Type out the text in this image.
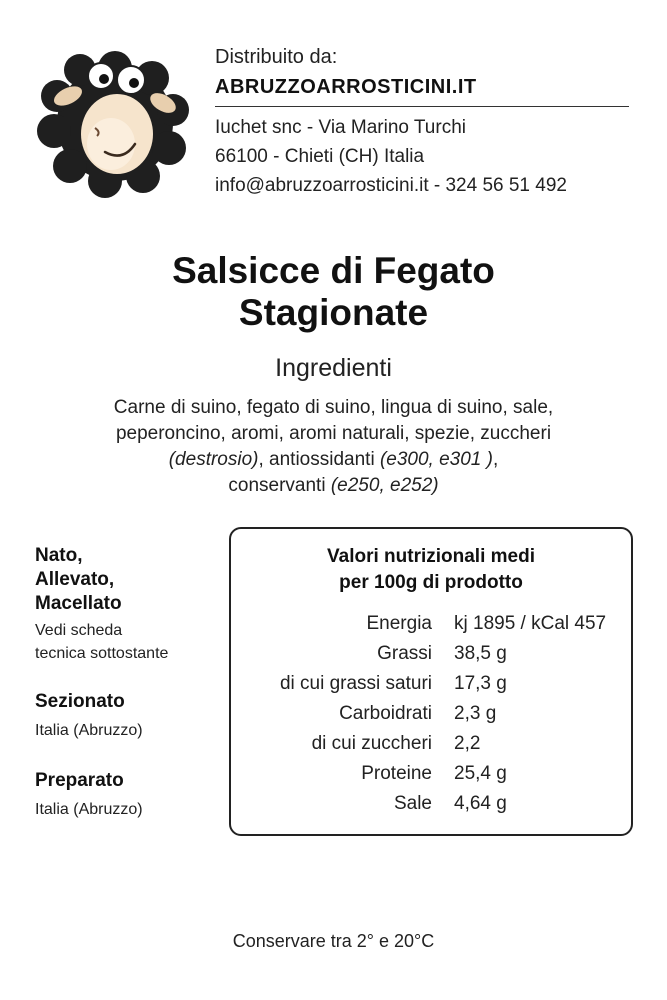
Distribuito da:
ABRUZZOARROSTICINI.IT
Iuchet snc - Via Marino Turchi
66100 - Chieti (CH) Italia
info@abruzzoarrosticini.it - 324 56 51 492
Salsicce di Fegato
Stagionate
Ingredienti
Carne di suino, fegato di suino, lingua di suino, sale,
peperoncino, aromi, aromi naturali, spezie, zuccheri
(destrosio), antiossidanti (e300, e301 ),
conservanti (e250, e252)
Nato,
Allevato,
Macellato
Vedi scheda
tecnica sottostante
Sezionato
Italia (Abruzzo)
Preparato
Italia (Abruzzo)
Valori nutrizionali medi
per 100g di prodotto
Energia kj 1895 / kCal 457
Grassi 38,5 g
di cui grassi saturi 17,3 g
Carboidrati 2,3 g
di cui zuccheri 2,2
Proteine 25,4 g
Sale 4,64 g
Conservare tra 2° e 20°C
